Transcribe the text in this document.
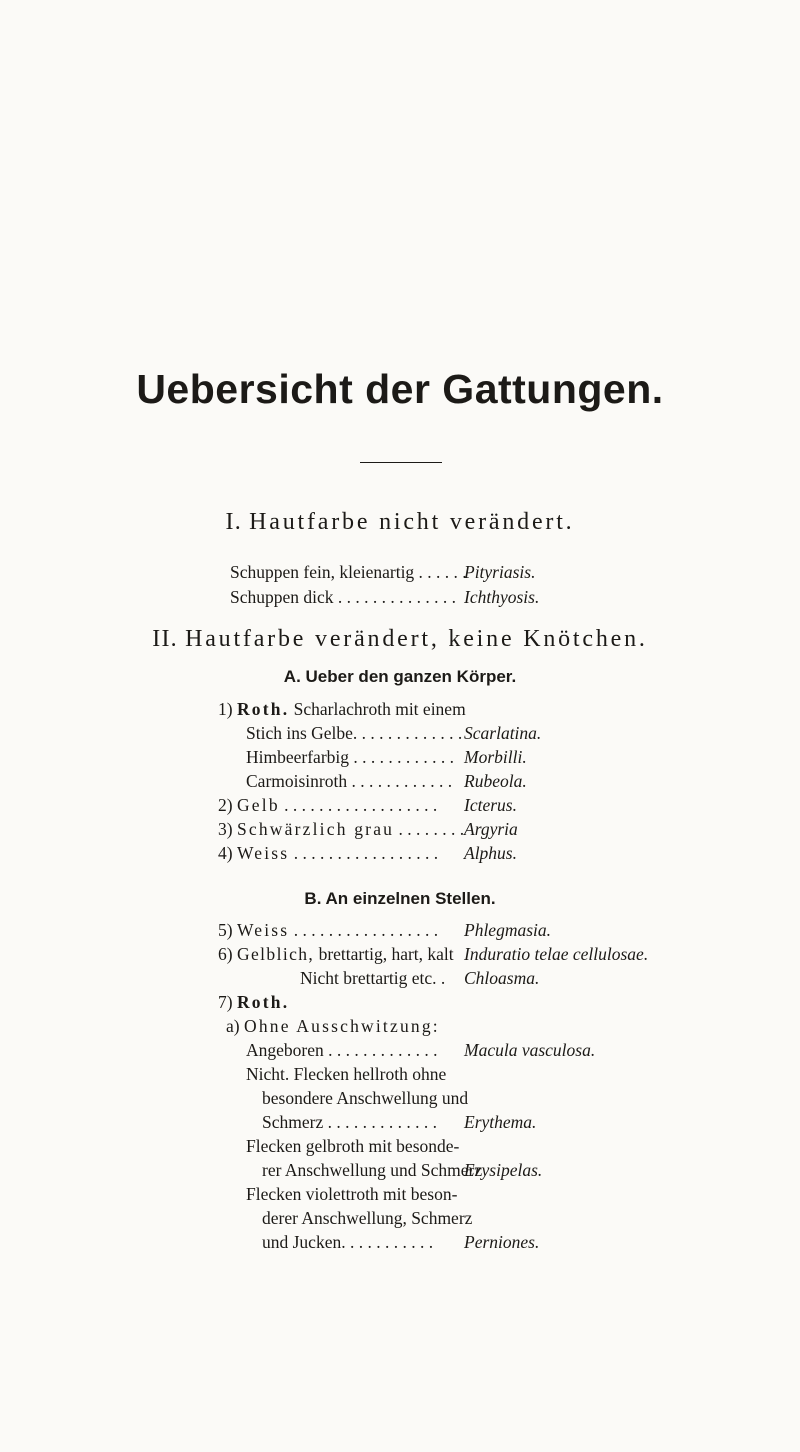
Uebersicht der Gattungen.
I. Hautfarbe nicht verändert.
Schuppen fein, kleienartig . . . . . .
Pityriasis.
Schuppen dick . . . . . . . . . . . . . . Ichthyosis.
II. Hautfarbe verändert, keine Knötchen.
A. Ueber den ganzen Körper.
1) Roth. Scharlachroth mit einem
Stich ins Gelbe. . . . . . . . . . . . . Scarlatina.
Himbeerfarbig . . . . . . . . . . . . Morbilli.
Carmoisinroth . . . . . . . . . . . . Rubeola.
2) Gelb . . . . . . . . . . . . . . . . . . Icterus.
3) Schwärzlich grau . . . . . . . . Argyria
4) Weiss . . . . . . . . . . . . . . . . . Alphus.
B. An einzelnen Stellen.
5) Weiss . . . . . . . . . . . . . . . . . Phlegmasia.
6) Gelblich, brettartig, hart, kalt Induratio telae cellulosae.
Nicht brettartig etc. . Chloasma.
7) Roth.
a) Ohne Ausschwitzung:
Angeboren . . . . . . . . . . . . . Macula vasculosa.
Nicht. Flecken hellroth ohne
besondere Anschwellung und
Schmerz . . . . . . . . . . . . . Erythema.
Flecken gelbroth mit besonde-
rer Anschwellung und Schmerz
Erysipelas.
Flecken violettroth mit beson-
derer Anschwellung, Schmerz
und Jucken. . . . . . . . . . . Perniones.
